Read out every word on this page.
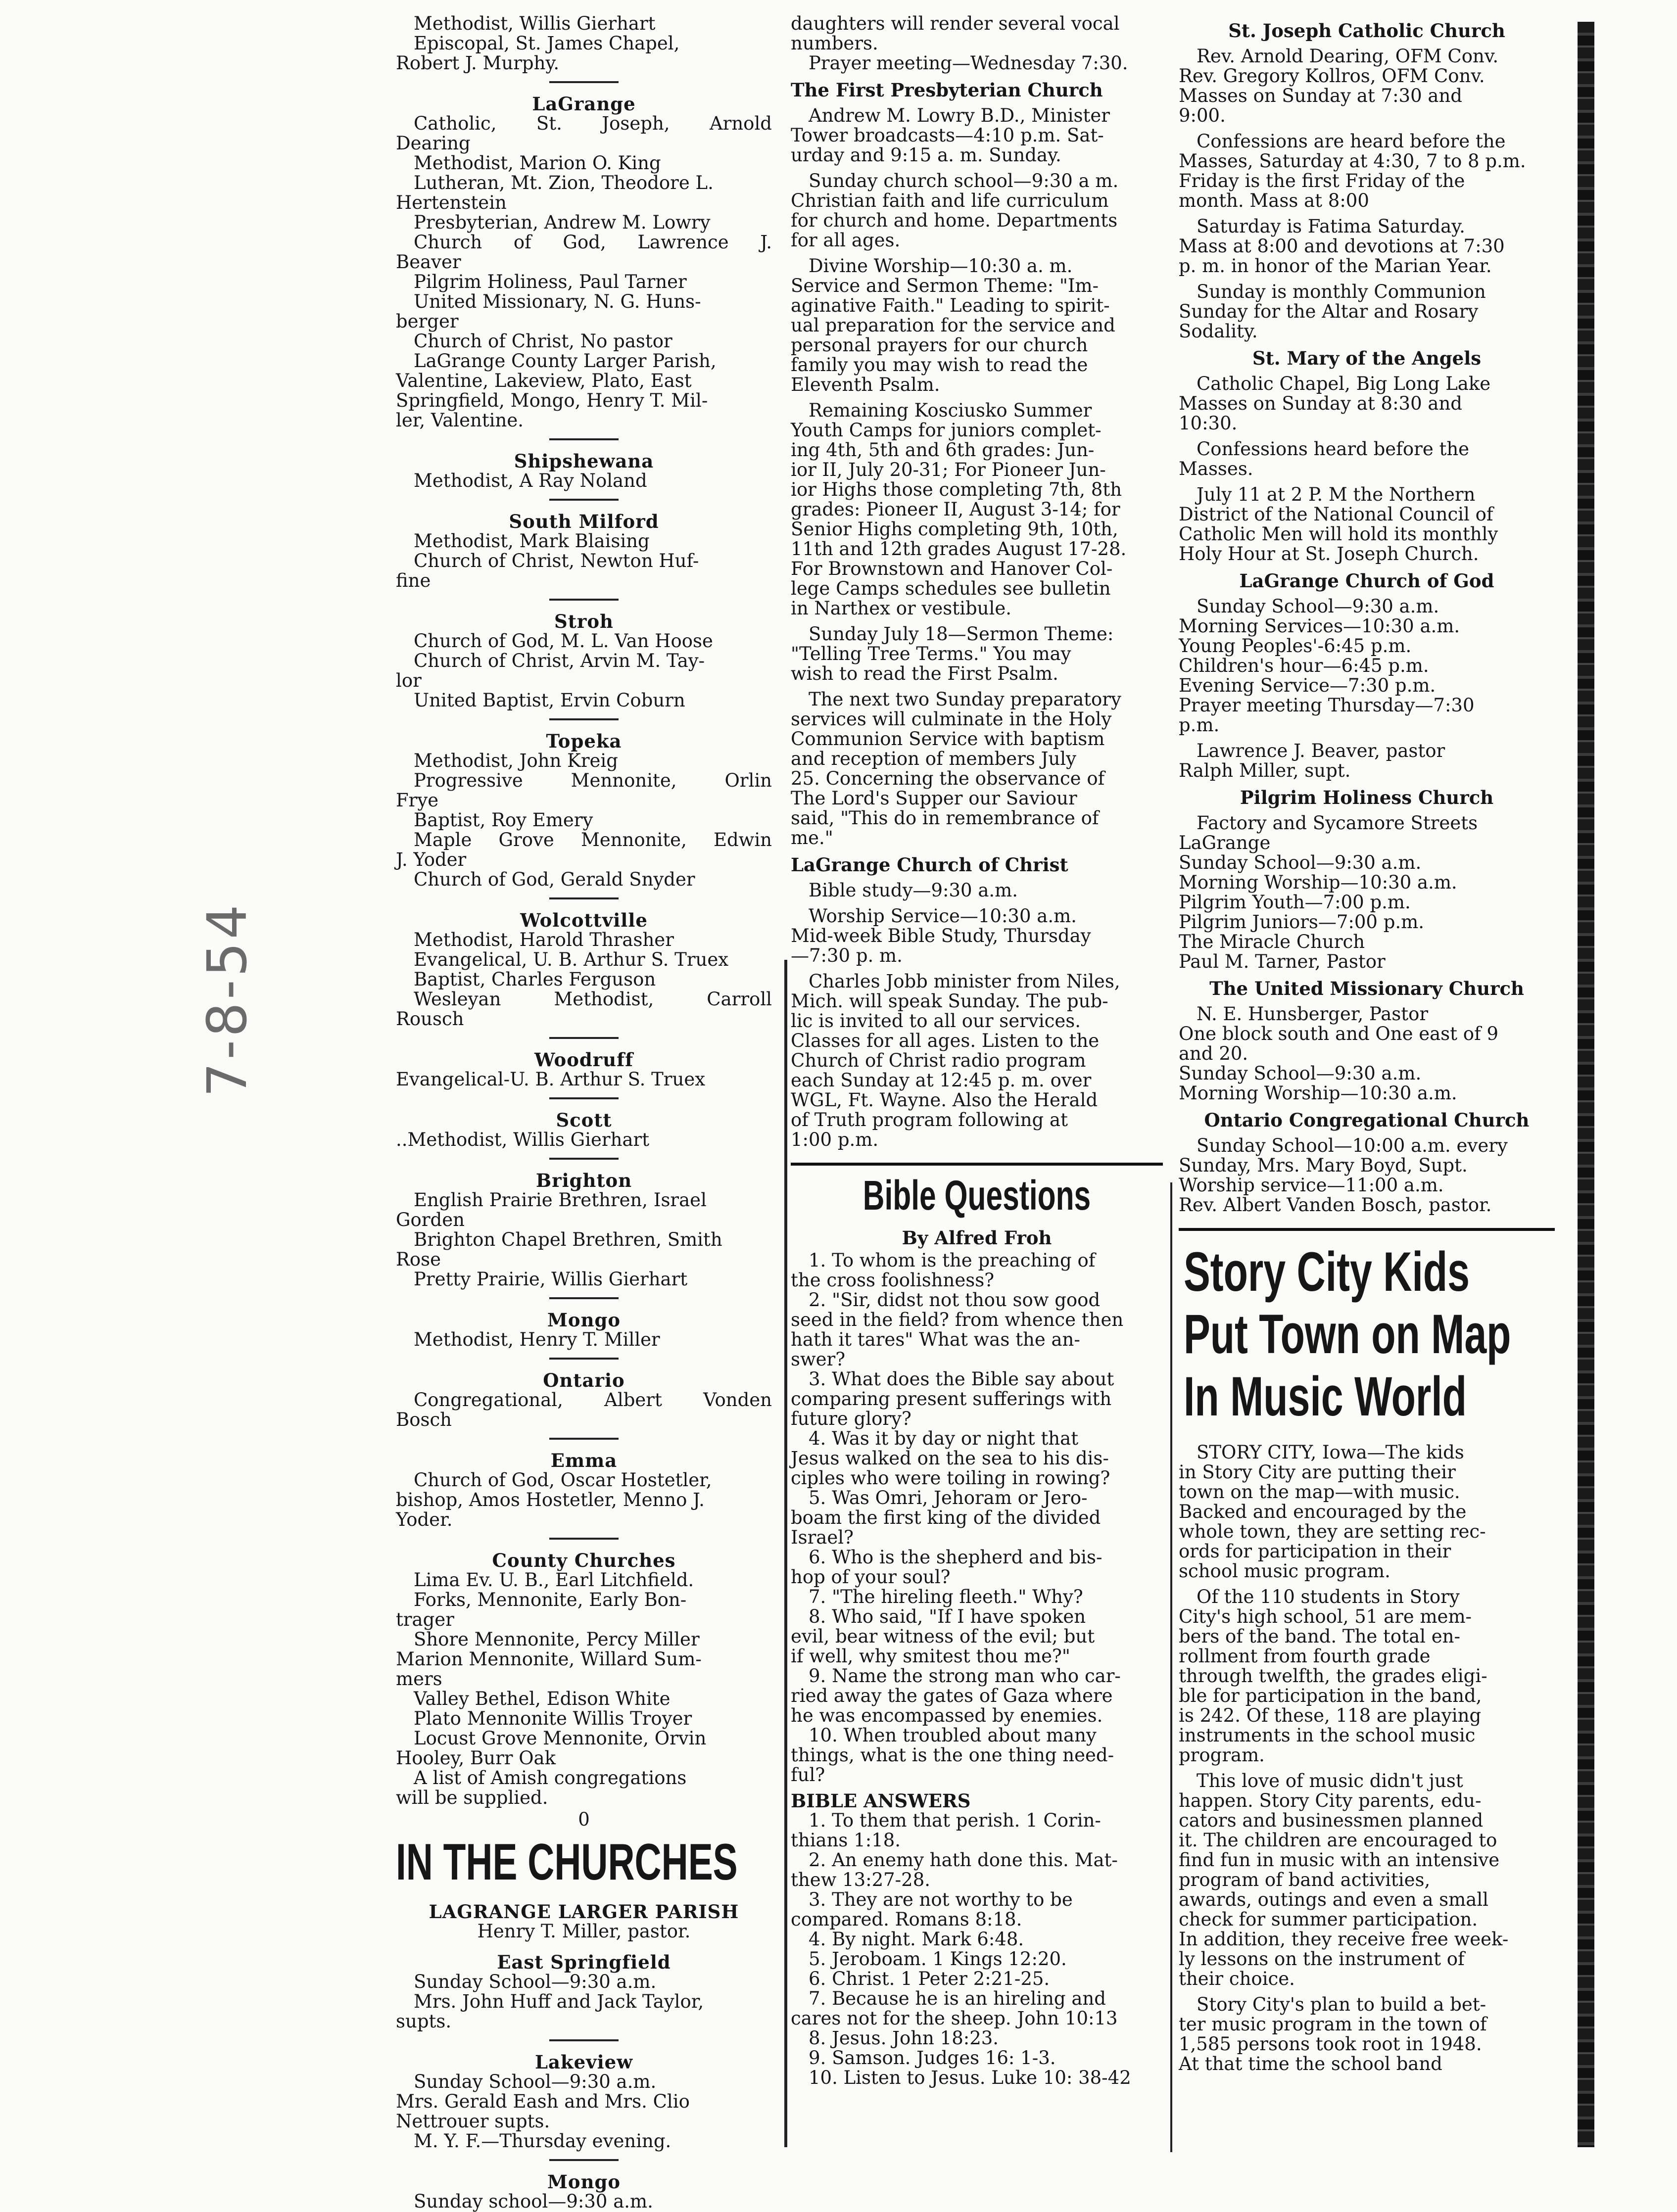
7-8-54
Methodist, Willis Gierhart
Episcopal, St. James Chapel,
Robert J. Murphy.
LaGrange
Catholic, St. Joseph, Arnold
Dearing
Methodist, Marion O. King
Lutheran, Mt. Zion, Theodore L.
Hertenstein
Presbyterian, Andrew M. Lowry
Church of God, Lawrence J.
Beaver
Pilgrim Holiness, Paul Tarner
United Missionary, N. G. Huns-
berger
Church of Christ, No pastor
LaGrange County Larger Parish,
Valentine, Lakeview, Plato, East
Springfield, Mongo, Henry T. Mil-
ler, Valentine.
Shipshewana
Methodist, A Ray Noland
South Milford
Methodist, Mark Blaising
Church of Christ, Newton Huf-
fine
Stroh
Church of God, M. L. Van Hoose
Church of Christ, Arvin M. Tay-
lor
United Baptist, Ervin Coburn
Topeka
Methodist, John Kreig
Progressive	Mennonite,	Orlin
Frye
Baptist, Roy Emery
Maple Grove Mennonite, Edwin
J. Yoder
Church of God, Gerald Snyder
Wolcottville
Methodist, Harold Thrasher
Evangelical, U. B. Arthur S. Truex
Baptist, Charles Ferguson
Wesleyan	Methodist,	Carroll
Rousch
Woodruff
Evangelical-U. B. Arthur S. Truex
Scott
..Methodist, Willis Gierhart
Brighton
English Prairie Brethren, Israel
Gorden
Brighton Chapel Brethren, Smith
Rose
Pretty Prairie, Willis Gierhart
Mongo
Methodist, Henry T. Miller
Ontario
Congregational, Albert Vonden
Bosch
Emma
Church of God, Oscar Hostetler,
bishop, Amos Hostetler, Menno J.
Yoder.
County Churches
Lima Ev. U. B., Earl Litchfield.
Forks, Mennonite, Early Bon-
trager
Shore Mennonite, Percy Miller
Marion Mennonite, Willard Sum-
mers
Valley Bethel, Edison White
Plato Mennonite Willis Troyer
Locust Grove Mennonite, Orvin
Hooley, Burr Oak
A list of Amish congregations
will be supplied.
0
IN THE CHURCHES
LAGRANGE LARGER PARISH
Henry T. Miller, pastor.
East Springfield
Sunday School—9:30 a.m.
Mrs. John Huff and Jack Taylor,
supts.
Lakeview
Sunday School—9:30 a.m.
Mrs. Gerald Eash and Mrs. Clio
Nettrouer supts.
M. Y. F.—Thursday evening.
Mongo
Sunday school—9:30 a.m.
daughters will render several vocal
numbers.
Prayer meeting—Wednesday 7:30.
The First Presbyterian Church
Andrew M. Lowry B.D., Minister
Tower broadcasts—4:10 p.m. Sat-
urday and 9:15 a. m. Sunday.
Sunday church school—9:30 a m.
Christian faith and life curriculum
for church and home. Departments
for all ages.
Divine Worship—10:30 a. m.
Service and Sermon Theme: "Im-
aginative Faith." Leading to spirit-
ual preparation for the service and
personal prayers for our church
family you may wish to read the
Eleventh Psalm.
Remaining Kosciusko Summer
Youth Camps for juniors complet-
ing 4th, 5th and 6th grades: Jun-
ior II, July 20-31; For Pioneer Jun-
ior Highs those completing 7th, 8th
grades: Pioneer II, August 3-14; for
Senior Highs completing 9th, 10th,
11th and 12th grades August 17-28.
For Brownstown and Hanover Col-
lege Camps schedules see bulletin
in Narthex or vestibule.
Sunday July 18—Sermon Theme:
"Telling Tree Terms." You may
wish to read the First Psalm.
The next two Sunday preparatory
services will culminate in the Holy
Communion Service with baptism
and reception of members July
25. Concerning the observance of
The Lord's Supper our Saviour
said, "This do in remembrance of
me."
LaGrange Church of Christ
Bible study—9:30 a.m.
Worship Service—10:30 a.m.
Mid-week Bible Study, Thursday
—7:30 p. m.
Charles Jobb minister from Niles,
Mich. will speak Sunday. The pub-
lic is invited to all our services.
Classes for all ages. Listen to the
Church of Christ radio program
each Sunday at 12:45 p. m. over
WGL, Ft. Wayne. Also the Herald
of Truth program following at
1:00 p.m.
Bible Questions
By Alfred Froh
1. To whom is the preaching of
the cross foolishness?
2. "Sir, didst not thou sow good
seed in the field? from whence then
hath it tares" What was the an-
swer?
3. What does the Bible say about
comparing present sufferings with
future glory?
4. Was it by day or night that
Jesus walked on the sea to his dis-
ciples who were toiling in rowing?
5. Was Omri, Jehoram or Jero-
boam the first king of the divided
Israel?
6. Who is the shepherd and bis-
hop of your soul?
7. "The hireling fleeth." Why?
8. Who said, "If I have spoken
evil, bear witness of the evil; but
if well, why smitest thou me?"
9. Name the strong man who car-
ried away the gates of Gaza where
he was encompassed by enemies.
10. When troubled about many
things, what is the one thing need-
ful?
BIBLE ANSWERS
1. To them that perish. 1 Corin-
thians 1:18.
2. An enemy hath done this. Mat-
thew 13:27-28.
3. They are not worthy to be
compared. Romans 8:18.
4. By night. Mark 6:48.
5. Jeroboam. 1 Kings 12:20.
6. Christ. 1 Peter 2:21-25.
7. Because he is an hireling and
cares not for the sheep. John 10:13
8. Jesus. John 18:23.
9. Samson. Judges 16: 1-3.
10. Listen to Jesus. Luke 10: 38-42
St. Joseph Catholic Church
Rev. Arnold Dearing, OFM Conv.
Rev. Gregory Kollros, OFM Conv.
Masses on Sunday at 7:30 and
9:00.
Confessions are heard before the
Masses, Saturday at 4:30, 7 to 8 p.m.
Friday is the first Friday of the
month. Mass at 8:00
Saturday is Fatima Saturday.
Mass at 8:00 and devotions at 7:30
p. m. in honor of the Marian Year.
Sunday is monthly Communion
Sunday for the Altar and Rosary
Sodality.
St. Mary of the Angels
Catholic Chapel, Big Long Lake
Masses on Sunday at 8:30 and
10:30.
Confessions heard before the
Masses.
July 11 at 2 P. M the Northern
District of the National Council of
Catholic Men will hold its monthly
Holy Hour at St. Joseph Church.
LaGrange Church of God
Sunday School—9:30 a.m.
Morning Services—10:30 a.m.
Young Peoples'-6:45 p.m.
Children's hour—6:45 p.m.
Evening Service—7:30 p.m.
Prayer meeting Thursday—7:30
p.m.
Lawrence J. Beaver, pastor
Ralph Miller, supt.
Pilgrim Holiness Church
Factory and Sycamore Streets
LaGrange
Sunday School—9:30 a.m.
Morning Worship—10:30 a.m.
Pilgrim Youth—7:00 p.m.
Pilgrim Juniors—7:00 p.m.
The Miracle Church
Paul M. Tarner, Pastor
The United Missionary Church
N. E. Hunsberger, Pastor
One block south and One east of 9
and 20.
Sunday School—9:30 a.m.
Morning Worship—10:30 a.m.
Ontario Congregational Church
Sunday School—10:00 a.m. every
Sunday, Mrs. Mary Boyd, Supt.
Worship service—11:00 a.m.
Rev. Albert Vanden Bosch, pastor.
Story City Kids
Put Town on Map
In Music World
STORY CITY, Iowa—The kids
in Story City are putting their
town on the map—with music.
Backed and encouraged by the
whole town, they are setting rec-
ords for participation in their
school music program.
Of the 110 students in Story
City's high school, 51 are mem-
bers of the band. The total en-
rollment from fourth grade
through twelfth, the grades eligi-
ble for participation in the band,
is 242. Of these, 118 are playing
instruments in the school music
program.
This love of music didn't just
happen. Story City parents, edu-
cators and businessmen planned
it. The children are encouraged to
find fun in music with an intensive
program of band activities,
awards, outings and even a small
check for summer participation.
In addition, they receive free week-
ly lessons on the instrument of
their choice.
Story City's plan to build a bet-
ter music program in the town of
1,585 persons took root in 1948.
At that time the school band
